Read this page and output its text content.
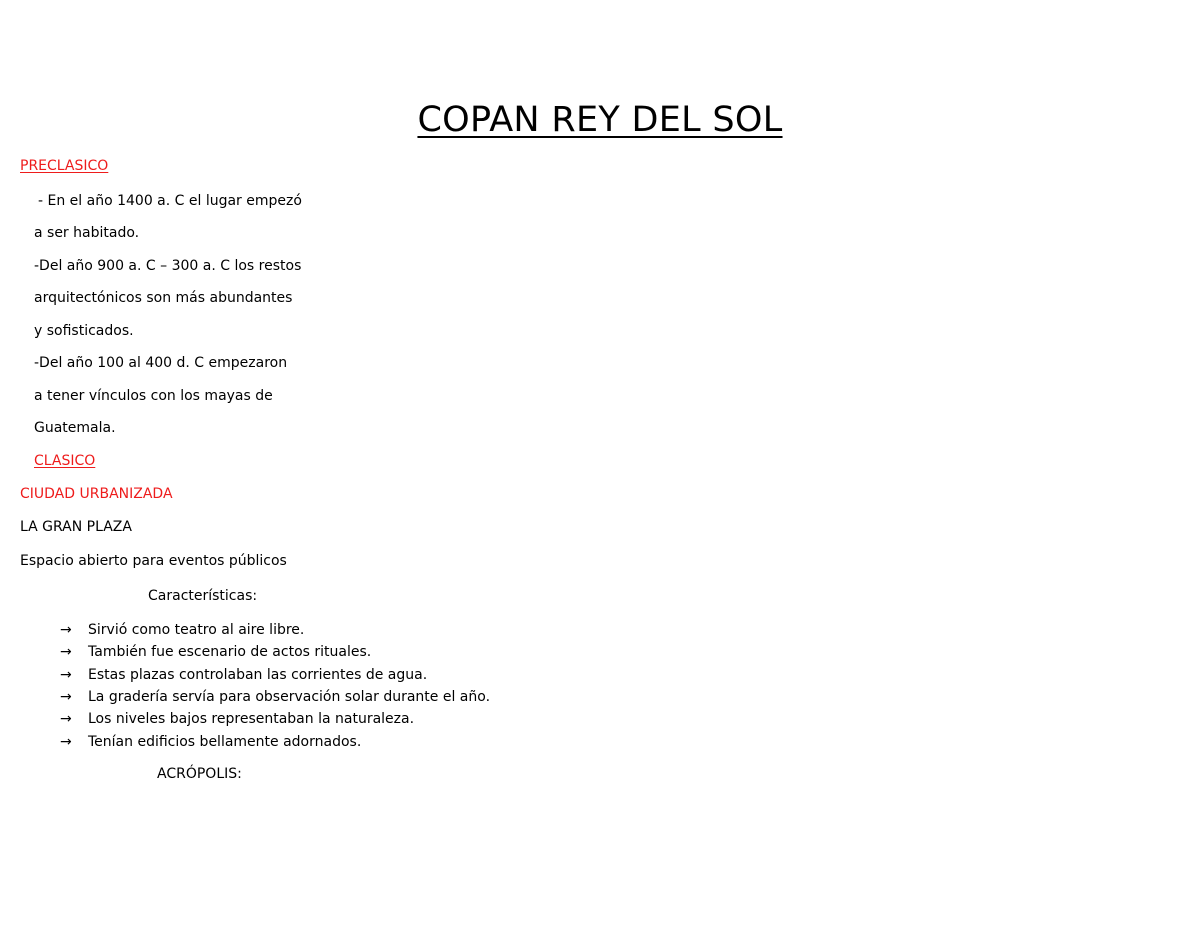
COPAN REY DEL SOL
PRECLASICO
- En el año 1400 a. C el lugar empezó
a ser habitado.
-Del año 900 a. C – 300 a. C los restos
arquitectónicos son más abundantes
y sofisticados.
-Del año 100 al 400 d. C empezaron
a tener vínculos con los mayas de
Guatemala.
CLASICO
CIUDAD URBANIZADA
LA GRAN PLAZA
Espacio abierto para eventos públicos
Características:
→	Sirvió como teatro al aire libre.
→	También fue escenario de actos rituales.
→	Estas plazas controlaban las corrientes de agua.
→	La gradería servía para observación solar durante el año.
→	Los niveles bajos representaban la naturaleza.
→	Tenían edificios bellamente adornados.
ACRÓPOLIS:
